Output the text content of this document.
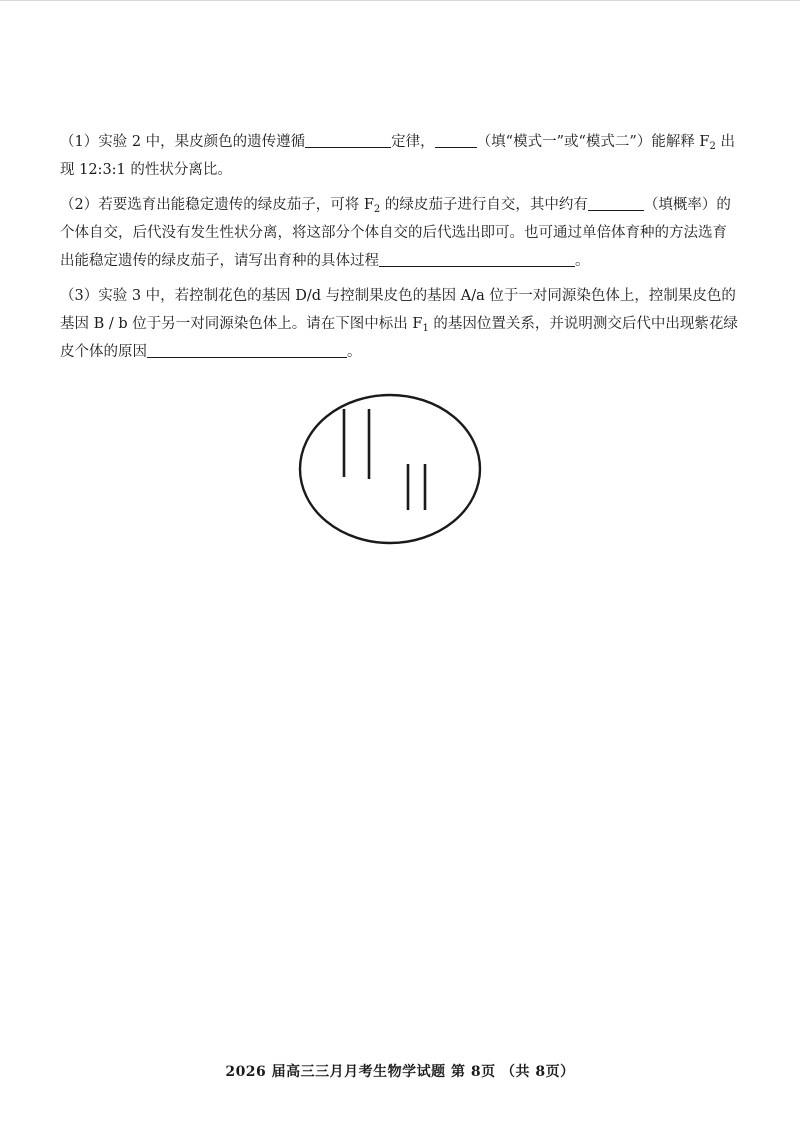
（1）实验 2 中，果皮颜色的遗传遵循	定律，	（填“模式一”或“模式二”）能解释 $F_2$ 出
现 12:3:1 的性状分离比。
（2）若要选育出能稳定遗传的绿皮茄子，可将 $F_2$ 的绿皮茄子进行自交，其中约有	（填概率）的
个体自交，后代没有发生性状分离，将这部分个体自交的后代选出即可。也可通过单倍体育种的方法选育
出能稳定遗传的绿皮茄子，请写出育种的具体过程	。
（3）实验 3 中，若控制花色的基因 D/d 与控制果皮色的基因 A/a 位于一对同源染色体上，控制果皮色的
基因 B / b 位于另一对同源染色体上。请在下图中标出 $F_1$ 的基因位置关系，并说明测交后代中出现紫花绿
皮个体的原因	。
2026 届高三三月月考生物学试题 第 8页 （共 8页）
